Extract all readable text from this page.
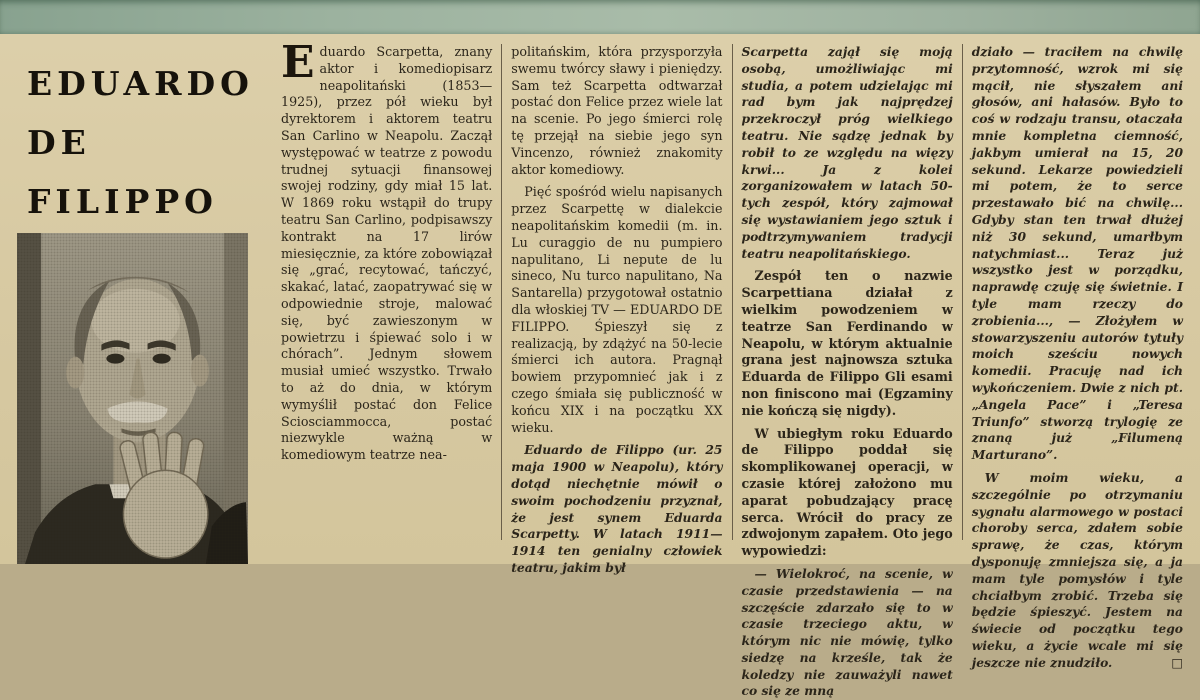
EDUARDO
DE FILIPPO

Eduardo Scarpetta, znany aktor i komediopisarz neapolitański (1853—1925), przez pół wieku był dyrektorem i aktorem teatru San Carlino w Neapolu. Zaczął występować w teatrze z powodu trudnej sytuacji finansowej swojej rodziny, gdy miał 15 lat. W 1869 roku wstąpił do trupy teatru San Carlino, podpisawszy kontrakt na 17 lirów miesięcznie, za które zobowiązał się „grać, recytować, tańczyć, skakać, latać, zaopatrywać się w odpowiednie stroje, malować się, być zawieszonym w powietrzu i śpiewać solo i w chórach”. Jednym słowem musiał umieć wszystko. Trwało to aż do dnia, w którym wymyślił postać don Felice Sciosciammocca, postać niezwykle ważną w komediowym teatrze nea-

politańskim, która przysporzyła swemu twórcy sławy i pieniędzy. Sam też Scarpetta odtwarzał postać don Felice przez wiele lat na scenie. Po jego śmierci rolę tę przejął na siebie jego syn Vincenzo, również znakomity aktor komediowy.

Pięć spośród wielu napisanych przez Scarpettę w dialekcie neapolitańskim komedii (m. in. Lu curaggio de nu pumpiero napulitano, Li nepute de lu sineco, Nu turco napulitano, Na Santarella) przygotował ostatnio dla włoskiej TV — EDUARDO DE FILIPPO. Śpieszył się z realizacją, by zdążyć na 50-lecie śmierci ich autora. Pragnął bowiem przypomnieć jak i z czego śmiała się publiczność w końcu XIX i na początku XX wieku.

Eduardo de Filippo (ur. 25 maja 1900 w Neapolu), który dotąd niechętnie mówił o swoim pochodzeniu przyznał, że jest synem Eduarda Scarpetty. W latach 1911—1914 ten genialny człowiek teatru, jakim był

Scarpetta zajął się moją osobą, umożliwiając mi studia, a potem udzielając mi rad bym jak najprędzej przekroczył próg wielkiego teatru. Nie sądzę jednak by robił to ze względu na więzy krwi... Ja z kolei zorganizowałem w latach 50-tych zespół, który zajmował się wystawianiem jego sztuk i podtrzymywaniem tradycji teatru neapolitańskiego.

Zespół ten o nazwie Scarpettiana działał z wielkim powodzeniem w teatrze San Ferdinando w Neapolu, w którym aktualnie grana jest najnowsza sztuka Eduarda de Filippo Gli esami non finiscono mai (Egzaminy nie kończą się nigdy).

W ubiegłym roku Eduardo de Filippo poddał się skomplikowanej operacji, w czasie której założono mu aparat pobudzający pracę serca. Wrócił do pracy ze zdwojonym zapałem. Oto jego wypowiedzi:

— Wielokroć, na scenie, w czasie przedstawienia — na szczęście zdarzało się to w czasie trzeciego aktu, w którym nic nie mówię, tylko siedzę na krześle, tak że koledzy nie zauważyli nawet co się ze mną

działo — traciłem na chwilę przytomność, wzrok mi się mącił, nie słyszałem ani głosów, ani hałasów. Było to coś w rodzaju transu, otaczała mnie kompletna ciemność, jakbym umierał na 15, 20 sekund. Lekarze powiedzieli mi potem, że to serce przestawało bić na chwilę... Gdyby stan ten trwał dłużej niż 30 sekund, umarłbym natychmiast... Teraz już wszystko jest w porządku, naprawdę czuję się świetnie. I tyle mam rzeczy do zrobienia..., — Złożyłem w stowarzyszeniu autorów tytuły moich sześciu nowych komedii. Pracuję nad ich wykończeniem. Dwie z nich pt. „Angela Pace” i „Teresa Triunfo” stworzą trylogię ze znaną już „Filumeną Marturano”.

W moim wieku, a szczególnie po otrzymaniu sygnału alarmowego w postaci choroby serca, zdałem sobie sprawę, że czas, którym dysponuję zmniejsza się, a ja mam tyle pomysłów i tyle chciałbym zrobić. Trzeba się będzie śpieszyć. Jestem na świecie od początku tego wieku, a życie wcale mi się jeszcze nie znudziło.	□
